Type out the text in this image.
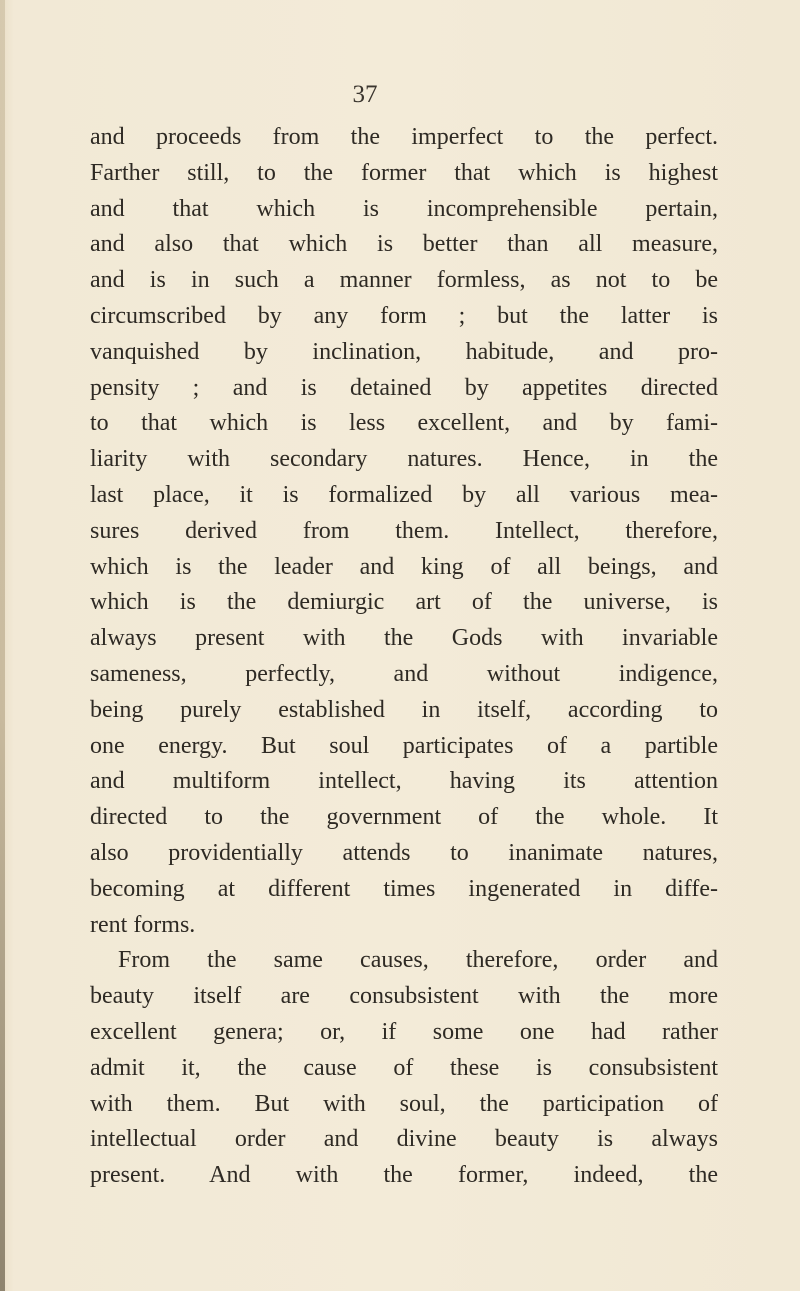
37
and proceeds from the imperfect to the perfect.
Farther still, to the former that which is highest
and that which is incomprehensible pertain,
and also that which is better than all measure,
and is in such a manner formless, as not to be
circumscribed by any form ; but the latter is
vanquished by inclination, habitude, and pro-
pensity ; and is detained by appetites directed
to that which is less excellent, and by fami-
liarity with secondary natures. Hence, in the
last place, it is formalized by all various mea-
sures derived from them. Intellect, therefore,
which is the leader and king of all beings, and
which is the demiurgic art of the universe, is
always present with the Gods with invariable
sameness, perfectly, and without indigence,
being purely established in itself, according to
one energy. But soul participates of a partible
and multiform intellect, having its attention
directed to the government of the whole. It
also providentially attends to inanimate natures,
becoming at different times ingenerated in diffe-
rent forms.
From the same causes, therefore, order and
beauty itself are consubsistent with the more
excellent genera; or, if some one had rather
admit it, the cause of these is consubsistent
with them. But with soul, the participation of
intellectual order and divine beauty is always
present. And with the former, indeed, the
